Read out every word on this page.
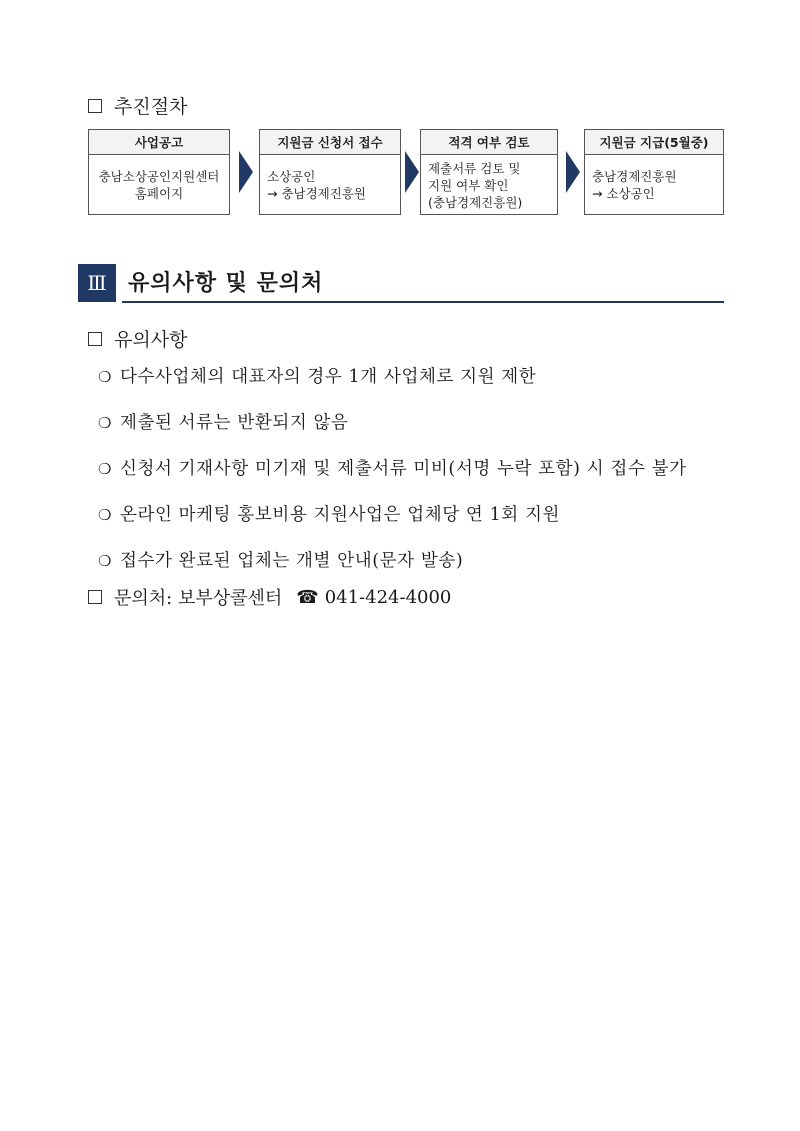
추진절차
사업공고
충남소상공인지원센터
홈페이지
지원금 신청서 접수
소상공인
→ 충남경제진흥원
적격 여부 검토
제출서류 검토 및
지원 여부 확인
(충남경제진흥원)
지원금 지급(5월중)
충남경제진흥원
→ 소상공인
Ⅲ 유의사항 및 문의처
유의사항
❍ 다수사업체의 대표자의 경우 1개 사업체로 지원 제한
❍ 제출된 서류는 반환되지 않음
❍ 신청서 기재사항 미기재 및 제출서류 미비(서명 누락 포함) 시 접수 불가
❍ 온라인 마케팅 홍보비용 지원사업은 업체당 연 1회 지원
❍ 접수가 완료된 업체는 개별 안내(문자 발송)
문의처: 보부상콜센터 ☎ 041-424-4000
